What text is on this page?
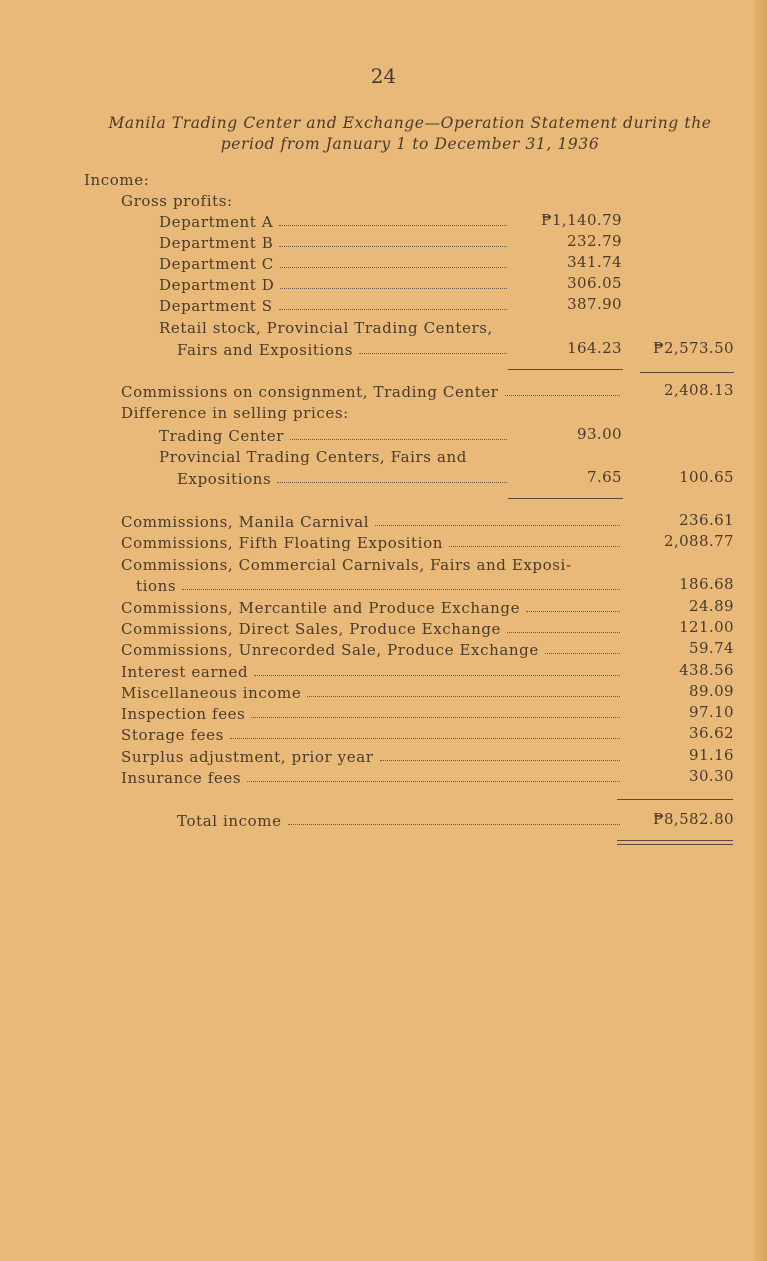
24
Manila Trading Center and Exchange—Operation Statement during the
period from January 1 to December 31, 1936
Income:
Gross profits:
Department A	₱1,140.79
Department B	232.79
Department C	341.74
Department D	306.05
Department S	387.90
Retail stock, Provincial Trading Centers,
Fairs and Expositions	164.23	₱2,573.50
Commissions on consignment, Trading Center	2,408.13
Difference in selling prices:
Trading Center	93.00
Provincial Trading Centers, Fairs and
Expositions	7.65	100.65
Commissions, Manila Carnival	236.61
Commissions, Fifth Floating Exposition	2,088.77
Commissions, Commercial Carnivals, Fairs and Exposi-
tions	186.68
Commissions, Mercantile and Produce Exchange	24.89
Commissions, Direct Sales, Produce Exchange	121.00
Commissions, Unrecorded Sale, Produce Exchange	59.74
Interest earned	438.56
Miscellaneous income	89.09
Inspection fees	97.10
Storage fees	36.62
Surplus adjustment, prior year	91.16
Insurance fees	30.30
Total income	₱8,582.80
